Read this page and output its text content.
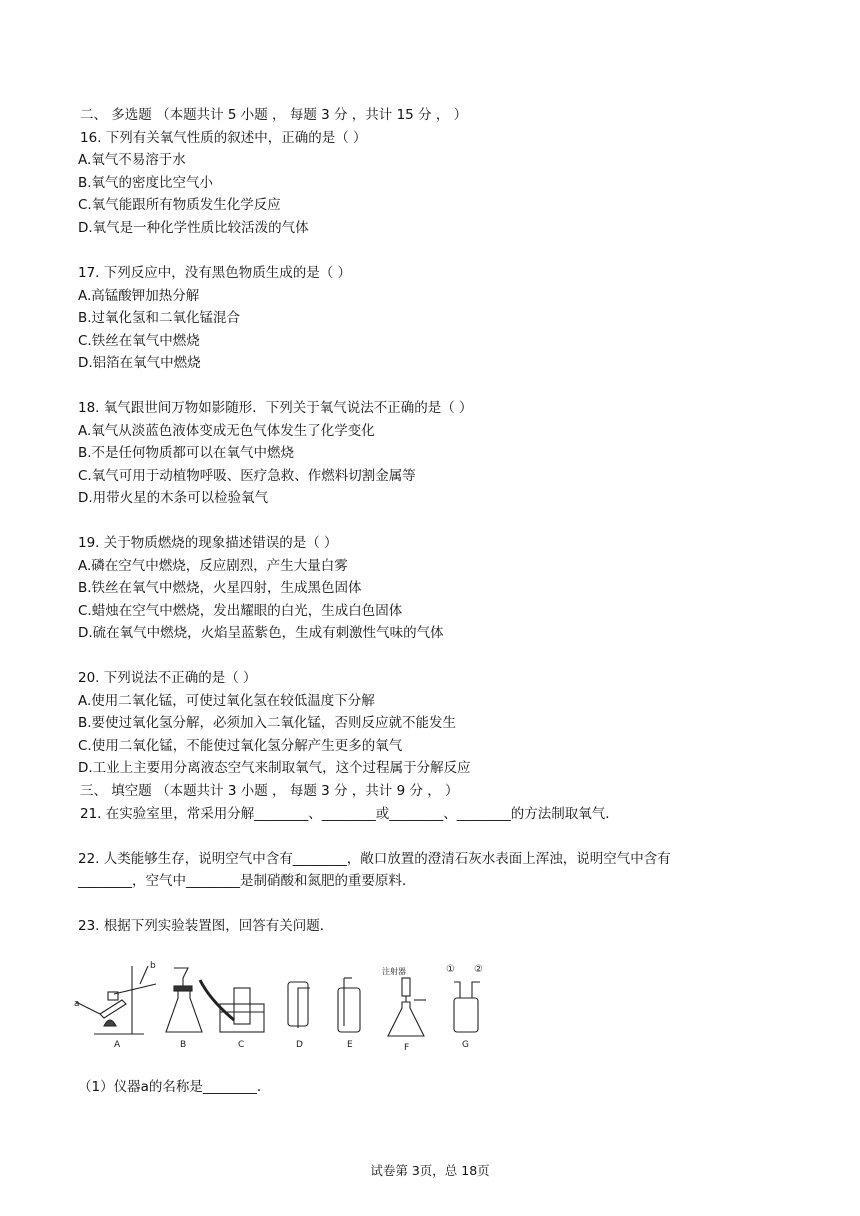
二、 多选题 （本题共计 5 小题 ， 每题 3 分 ，共计 15 分 ， ）
16. 下列有关氧气性质的叙述中，正确的是（ ）
A.氧气不易溶于水
B.氧气的密度比空气小
C.氧气能跟所有物质发生化学反应
D.氧气是一种化学性质比较活泼的气体
17. 下列反应中，没有黑色物质生成的是（ ）
A.高锰酸钾加热分解
B.过氧化氢和二氧化锰混合
C.铁丝在氧气中燃烧
D.铝箔在氧气中燃烧
18. 氧气跟世间万物如影随形．下列关于氧气说法不正确的是（ ）
A.氧气从淡蓝色液体变成无色气体发生了化学变化
B.不是任何物质都可以在氧气中燃烧
C.氧气可用于动植物呼吸、医疗急救、作燃料切割金属等
D.用带火星的木条可以检验氧气
19. 关于物质燃烧的现象描述错误的是（ ）
A.磷在空气中燃烧，反应剧烈，产生大量白雾
B.铁丝在氧气中燃烧，火星四射，生成黑色固体
C.蜡烛在空气中燃烧，发出耀眼的白光，生成白色固体
D.硫在氧气中燃烧，火焰呈蓝紫色，生成有刺激性气味的气体
20. 下列说法不正确的是（ ）
A.使用二氧化锰，可使过氧化氢在较低温度下分解
B.要使过氧化氢分解，必须加入二氧化锰，否则反应就不能发生
C.使用二氧化锰，不能使过氧化氢分解产生更多的氧气
D.工业上主要用分离液态空气来制取氧气，这个过程属于分解反应
三、 填空题 （本题共计 3 小题 ， 每题 3 分 ，共计 9 分 ， ）
21. 在实验室里，常采用分解________、________或________、________的方法制取氧气．
22. 人类能够生存，说明空气中含有________，敞口放置的澄清石灰水表面上浑浊，说明空气中含有
________，空气中________是制硝酸和氮肥的重要原料．
23. 根据下列实验装置图，回答有关问题．
a
b
A	B	C	D	E
注射器
F
① ②
G
（1）仪器a的名称是________．
试卷第 3页，总 18页
